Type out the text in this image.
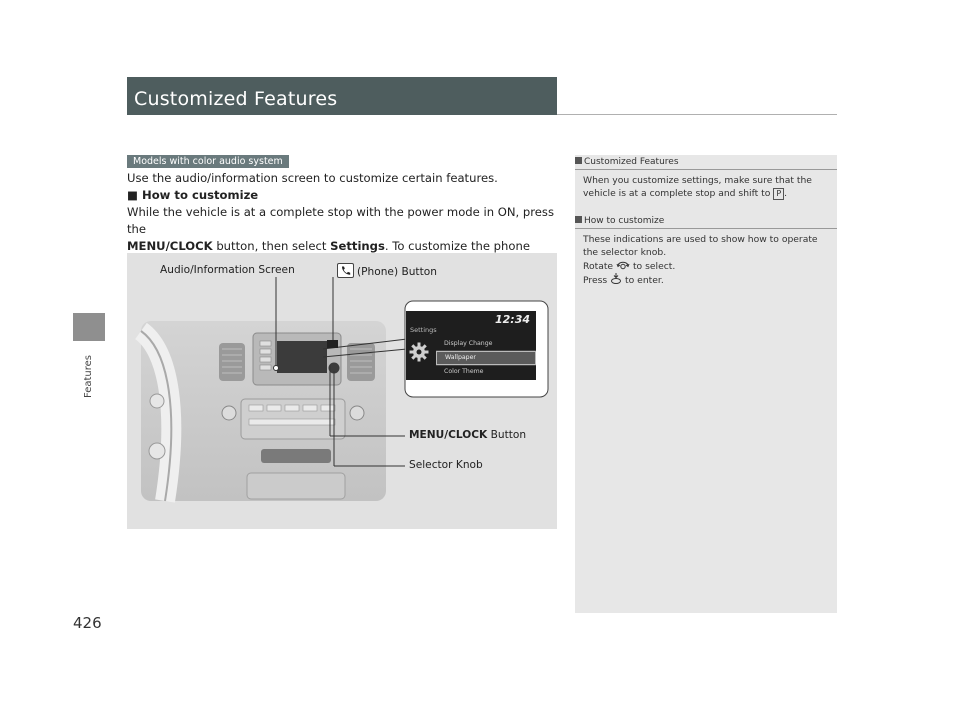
Features
426
Customized Features
Models with color audio system

Use the audio/information screen to customize certain features.

■ How to customize

While the vehicle is at a complete stop with the power mode in ON, press the

MENU/CLOCK button, then select Settings. To customize the phone

12:34
Settings
Display Change
Wallpaper
Color Theme
Audio/Information Screen	(Phone) Button
MENU/CLOCK Button
Selector Knob
Customized Features

When you customize settings, make sure that the

vehicle is at a complete stop and shift to P .

How to customize

These indications are used to show how to operate

the selector knob.

Rotate to select.

Press to enter.
